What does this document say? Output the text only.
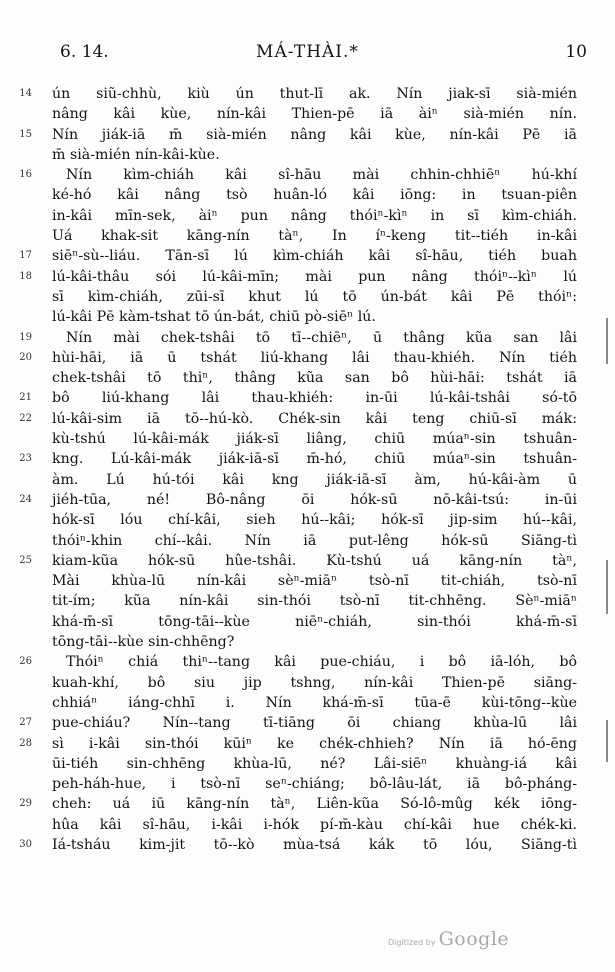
6. 14.	MÁ-THÀI.*	10
14 ún siũ-chhù, kiù ún thut-lī ak. Nín jiak-sī sià-mién
nâng kâi kùe, nín-kâi Thien-pē iā àiⁿ sià-mién nín.
15 Nín jiák-iā m̄ sià-mién nâng kâi kùe, nín-kâi Pē iā
m̄ sià-mién nín-kâi-kùe.
16	Nín kìm-chiáh kâi sî-hāu mài chhin-chhiēⁿ hú-khí
ké-hó kâi nâng tsò huân-ló kâi iōng: in tsuan-piên
in-kâi mīn-sek, àiⁿ pun nâng thóiⁿ-kìⁿ in sī kìm-chiáh.
Uá khak-sit kāng-nín tàⁿ, In íⁿ-keng tit--tiéh in-kâi
17 siēⁿ-sù--liáu. Tān-sī lú kìm-chiáh kâi sî-hāu, tiéh buah
18 lú-kâi-thâu sói lú-kâi-mīn; mài pun nâng thóiⁿ--kìⁿ lú
sī kìm-chiáh, zūi-sī khut lú tō ún-bát kâi Pē thóiⁿ:
lú-kâi Pē kàm-tshat tō ún-bát, chiū pò-siēⁿ lú.
19	Nín mài chek-tshâi tō tī--chiēⁿ, ū thâng kũa san lâi
20 hùi-hāi, iā ū tshát liú-khang lâi thau-khiéh. Nín tiéh
chek-tshâi tō thiⁿ, thâng kũa san bô hùi-hāi: tshát iā
21 bô liú-khang lâi thau-khiéh: in-ūi lú-kâi-tshâi só-tō
22 lú-kâi-sim iā tō--hú-kò. Chék-sin kâi teng chiū-sī mák:
kù-tshú lú-kâi-mák jiák-sī liâng, chiū múaⁿ-sin tshuân-
23 kng. Lú-kâi-mák jiák-iā-sī m̄-hó, chiū múaⁿ-sin tshuân-
àm. Lú hú-tói kâi kng jiák-iā-sī àm, hú-kâi-àm ū
24 jiéh-tūa, né! Bô-nâng ōi hók-sū nō-kâi-tsú: in-ūi
hók-sī lóu chí-kâi, sieh hú--kâi; hók-sī jip-sim hú--kâi,
thóiⁿ-khin chí--kâi. Nín iā put-lêng hók-sū Siāng-tì
25 kiam-kũa hók-sū hûe-tshâi. Kù-tshú uá kāng-nín tàⁿ,
Mài khùa-lū nín-kâi sèⁿ-miāⁿ tsò-nī tit-chiáh, tsò-nī
tit-ím; kũa nín-kâi sin-thói tsò-nī tit-chhēng. Sèⁿ-miāⁿ
khá-m̄-sī tōng-tāi--kùe niēⁿ-chiáh, sin-thói khá-m̄-sī
tōng-tāi--kùe sin-chhēng?
26	Thóiⁿ chiá thiⁿ--tang kâi pue-chiáu, i bô iā-lóh, bô
kuah-khí, bô siu jip tshng, nín-kâi Thien-pē siāng-
chhiáⁿ iáng-chhī i. Nín khá-m̄-sī tūa-ē kùi-tōng--kùe
27 pue-chiáu? Nín--tang tī-tiāng ōi chiang khùa-lū lâi
28 sì i-kâi sin-thói kūiⁿ ke chék-chhieh? Nín iā hó-ēng
ūi-tiéh sin-chhēng khùa-lū, né? Lâi-siēⁿ khuàng-iá kâi
peh-háh-hue, i tsò-nī seⁿ-chiáng; bô-lâu-lát, iā bô-pháng-
29 cheh: uá iū kāng-nín tàⁿ, Liên-kũa Só-lô-mûg kék iōng-
hûa kâi sî-hāu, i-kâi i-hók pí-m̄-kàu chí-kâi hue chék-ki.
30 Iá-tsháu kim-jit tō--kò mùa-tsá kák tō lóu, Siāng-tì
Digitized by Google
